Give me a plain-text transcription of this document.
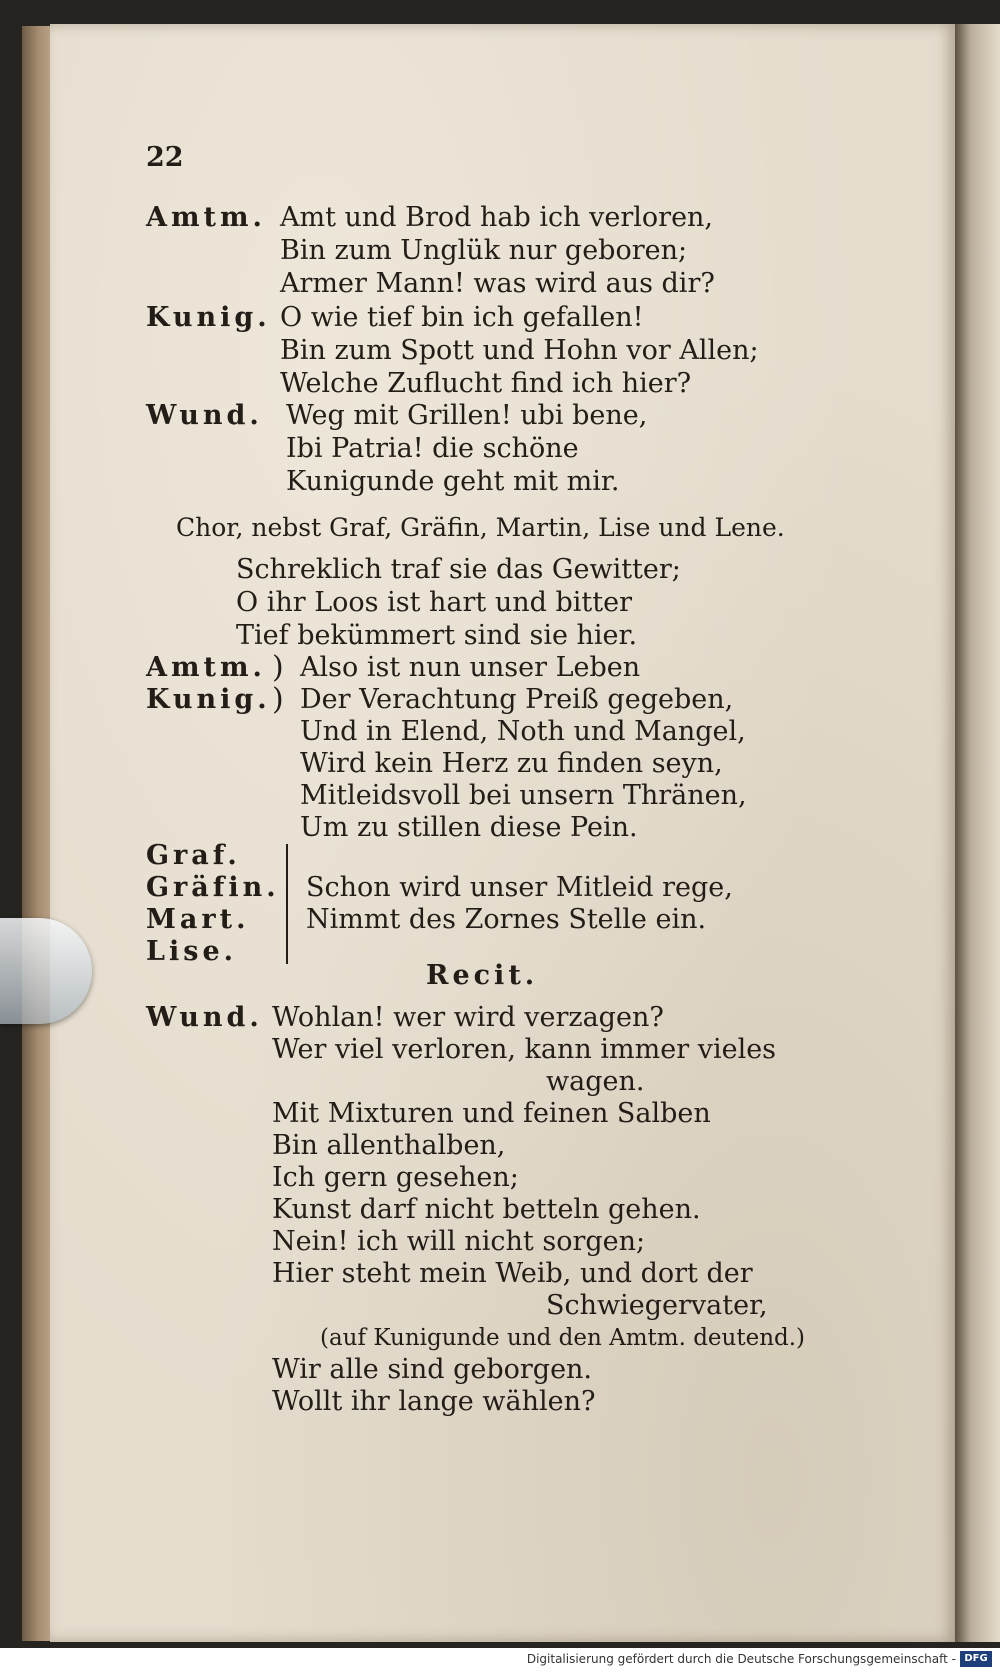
22
Amtm. Amt und Brod hab ich verloren,
Bin zum Unglük nur geboren;
Armer Mann! was wird aus dir?
Kunig. O wie tief bin ich gefallen!
Bin zum Spott und Hohn vor Allen;
Welche Zuflucht find ich hier?
Wund. Weg mit Grillen! ubi bene,
Ibi Patria! die schöne
Kunigunde geht mit mir.
Chor, nebst Graf, Gräfin, Martin, Lise und Lene.
Schreklich traf sie das Gewitter;
O ihr Loos ist hart und bitter
Tief bekümmert sind sie hier.
Amtm.
Kunig.
)
)
Also ist nun unser Leben
Der Verachtung Preiß gegeben,
Und in Elend, Noth und Mangel,
Wird kein Herz zu finden seyn,
Mitleidsvoll bei unsern Thränen,
Um zu stillen diese Pein.
Graf.
Gräfin.
Mart.
Lise.
Schon wird unser Mitleid rege,
Nimmt des Zornes Stelle ein.
Recit.
Wund. Wohlan! wer wird verzagen?
Wer viel verloren, kann immer vieles
wagen.
Mit Mixturen und feinen Salben
Bin allenthalben,
Ich gern gesehen;
Kunst darf nicht betteln gehen.
Nein! ich will nicht sorgen;
Hier steht mein Weib, und dort der
Schwiegervater,
(auf Kunigunde und den Amtm. deutend.)
Wir alle sind geborgen.
Wollt ihr lange wählen?
Digitalisierung gefördert durch die Deutsche Forschungsgemeinschaft - DFG
